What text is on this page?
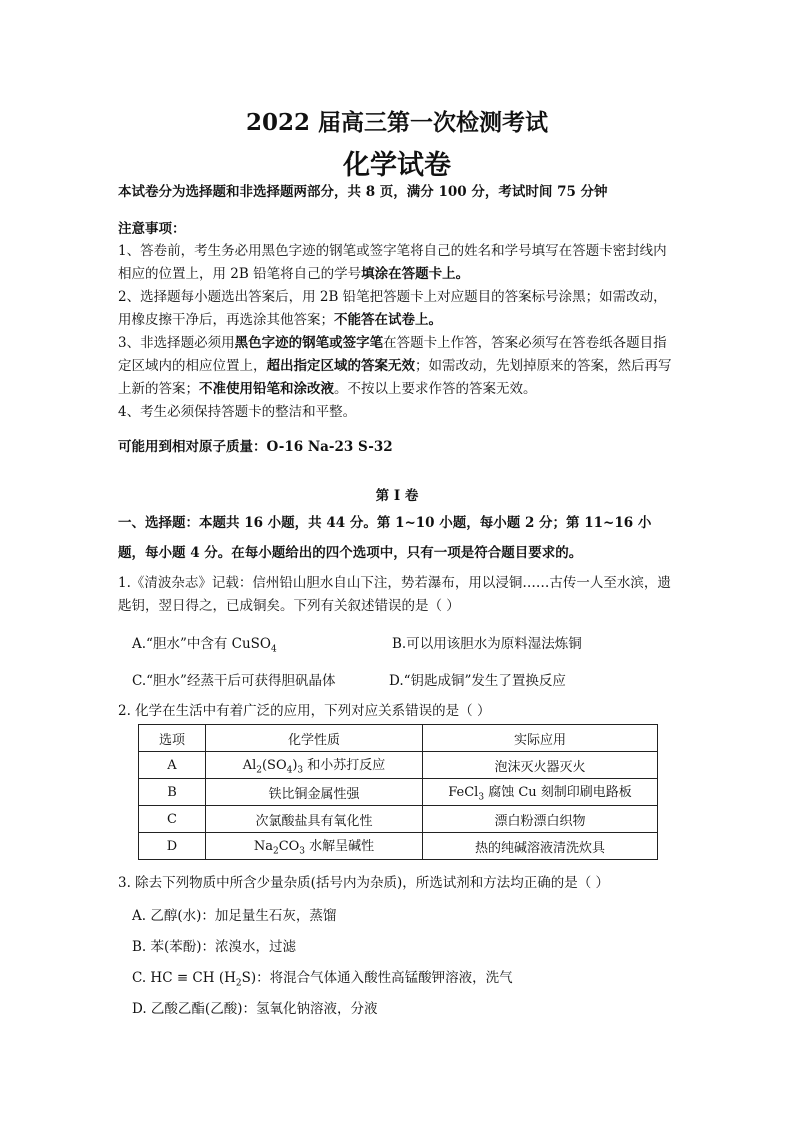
2022 届高三第一次检测考试
化学试卷
本试卷分为选择题和非选择题两部分，共 8 页，满分 100 分，考试时间 75 分钟
注意事项：

1、答卷前，考生务必用黑色字迹的钢笔或签字笔将自己的姓名和学号填写在答题卡密封线内相应的位置上，用 2B 铅笔将自己的学号填涂在答题卡上。

2、选择题每小题选出答案后，用 2B 铅笔把答题卡上对应题目的答案标号涂黑；如需改动，用橡皮擦干净后，再选涂其他答案；不能答在试卷上。

3、非选择题必须用黑色字迹的钢笔或签字笔在答题卡上作答，答案必须写在答卷纸各题目指定区域内的相应位置上，超出指定区域的答案无效；如需改动，先划掉原来的答案，然后再写上新的答案；不准使用铅笔和涂改液。不按以上要求作答的答案无效。

4、考生必须保持答题卡的整洁和平整。

可能用到相对原子质量：O-16 Na-23 S-32
第 I 卷
一、选择题：本题共 16 小题，共 44 分。第 1~10 小题，每小题 2 分；第 11~16 小题，每小题 4 分。在每小题给出的四个选项中，只有一项是符合题目要求的。
1.《清波杂志》记载：信州铅山胆水自山下注，势若瀑布，用以浸铜……古传一人至水滨，遗匙钥，翌日得之，已成铜矣。下列有关叙述错误的是（ ）
A.“胆水”中含有 CuSO$_4$	B.可以用该胆水为原料湿法炼铜
C.“胆水”经蒸干后可获得胆矾晶体	D.“钥匙成铜”发生了置换反应
2. 化学在生活中有着广泛的应用，下列对应关系错误的是（ ）
选项	化学性质	实际应用
A	$Al_2(SO_4)_3$ 和小苏打反应	泡沫灭火器灭火
B	铁比铜金属性强	FeCl$_3$ 腐蚀 Cu 刻制印刷电路板
C	次氯酸盐具有氧化性	漂白粉漂白织物
D	$Na_2CO_3$ 水解呈碱性	热的纯碱溶液清洗炊具
3. 除去下列物质中所含少量杂质(括号内为杂质)，所选试剂和方法均正确的是（ ）
A. 乙醇(水)：加足量生石灰，蒸馏
B. 苯(苯酚)：浓溴水，过滤
C. HC ≡ CH $(H_2S)$：将混合气体通入酸性高锰酸钾溶液，洗气
D. 乙酸乙酯(乙酸)：氢氧化钠溶液，分液
